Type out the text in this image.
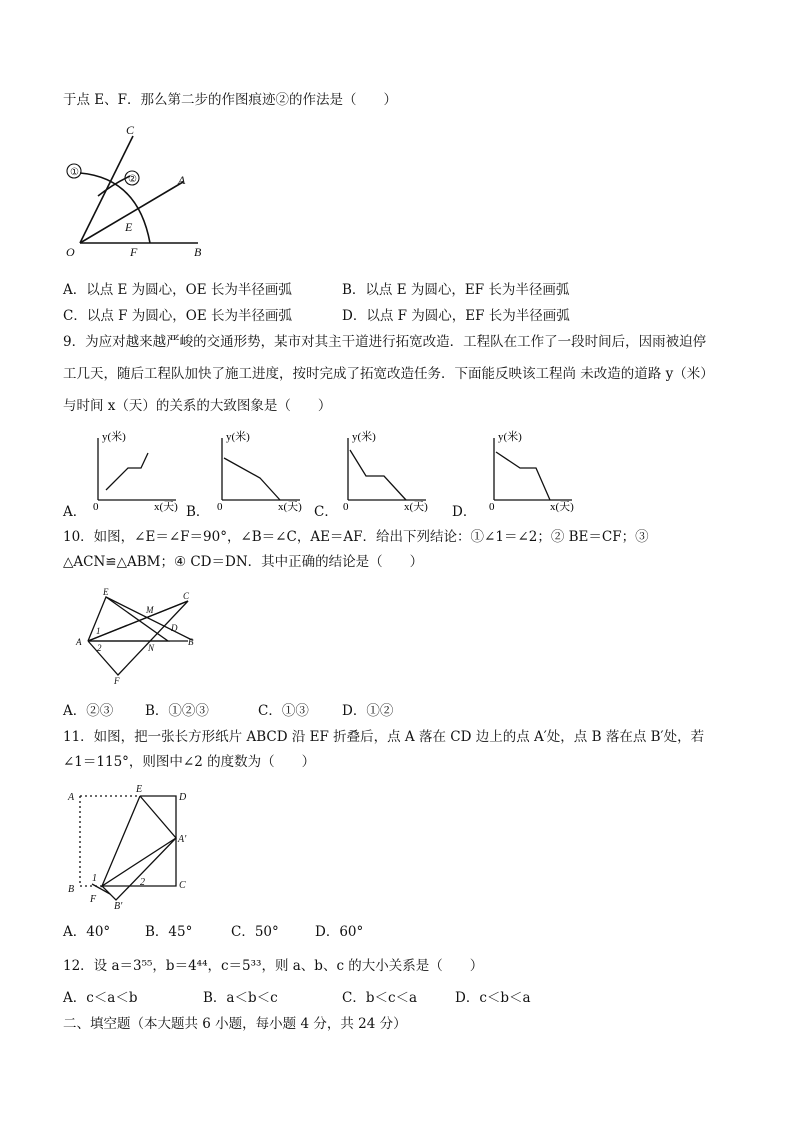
于点 E、F．那么第二步的作图痕迹②的作法是（　　）
①
②
C
A
B
O
E
F
A．以点 E 为圆心，OE 长为半径画弧	B．以点 E 为圆心，EF 长为半径画弧
C．以点 F 为圆心，OE 长为半径画弧	D．以点 F 为圆心，EF 长为半径画弧
9．为应对越来越严峻的交通形势，某市对其主干道进行拓宽改造．工程队在工作了一段时间后，因雨被迫停
工几天，随后工程队加快了施工进度，按时完成了拓宽改造任务．下面能反映该工程尚 未改造的道路 y（米）
与时间 x（天）的关系的大致图象是（　　）
y(米)
x(天)
0
A．
y(米)
x(天)
0
B．
y(米)
x(天)
0
C．
y(米)
x(天)
0
D．
10．如图，∠E＝∠F＝90°，∠B＝∠C，AE＝AF．给出下列结论：①∠1＝∠2；② BE＝CF；③
△ACN≌△ABM；④ CD＝DN．其中正确的结论是（　　）
E	C
M
D
A	B
N
F
1
2
A．②③ B．①②③	C．①③ D．①②
11．如图，把一张长方形纸片 ABCD 沿 EF 折叠后，点 A 落在 CD 边上的点 A′处，点 B 落在点 B′处，若
∠1＝115°，则图中∠2 的度数为（　　）
A
E
D
A'
B
F
B'
C
1	2
A．40°	B．45°	C．50°	D．60°
12．设 a＝3⁵⁵，b＝4⁴⁴，c＝5³³，则 a、b、c 的大小关系是（　　）
A．c＜a＜b	B．a＜b＜c	C．b＜c＜a	D．c＜b＜a
二、填空题（本大题共 6 小题，每小题 4 分，共 24 分）
